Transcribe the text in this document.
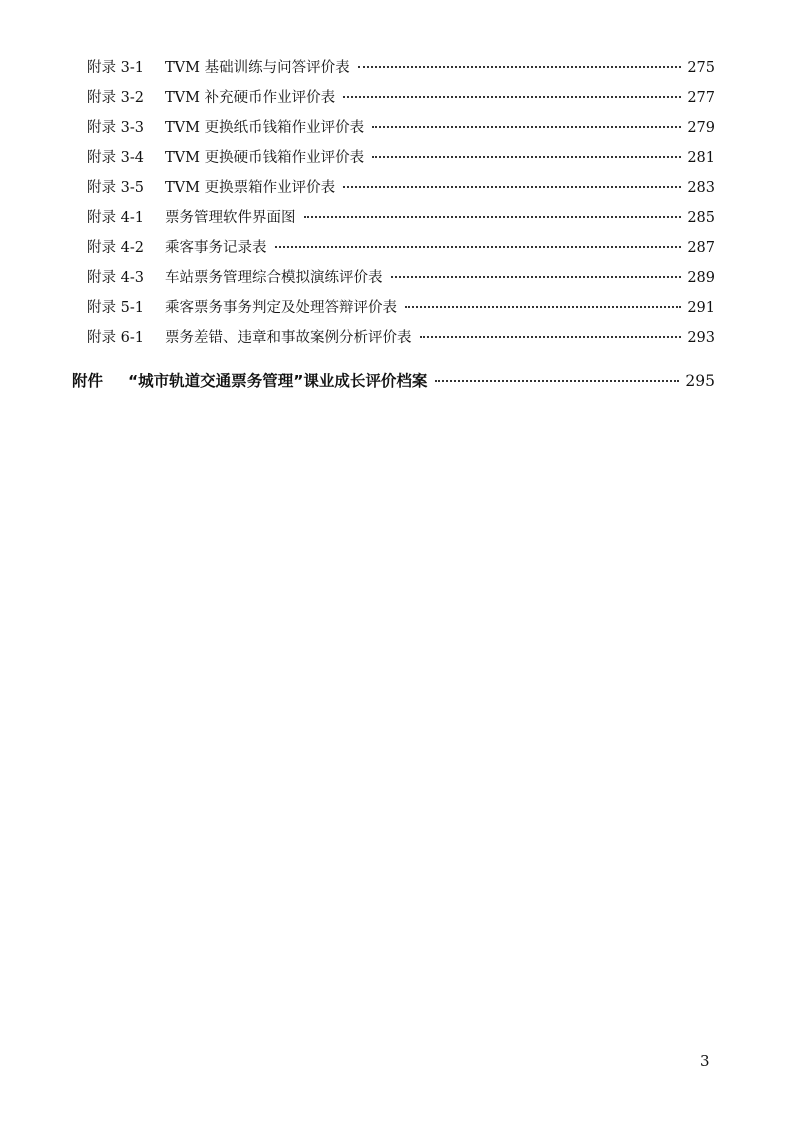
附录 3-1	TVM 基础训练与问答评价表	275
附录 3-2	TVM 补充硬币作业评价表	277
附录 3-3	TVM 更换纸币钱箱作业评价表	279
附录 3-4	TVM 更换硬币钱箱作业评价表	281
附录 3-5	TVM 更换票箱作业评价表	283
附录 4-1	票务管理软件界面图	285
附录 4-2	乘客事务记录表	287
附录 4-3	车站票务管理综合模拟演练评价表	289
附录 5-1	乘客票务事务判定及处理答辩评价表	291
附录 6-1	票务差错、违章和事故案例分析评价表	293
附件	“城市轨道交通票务管理”课业成长评价档案	295
3
